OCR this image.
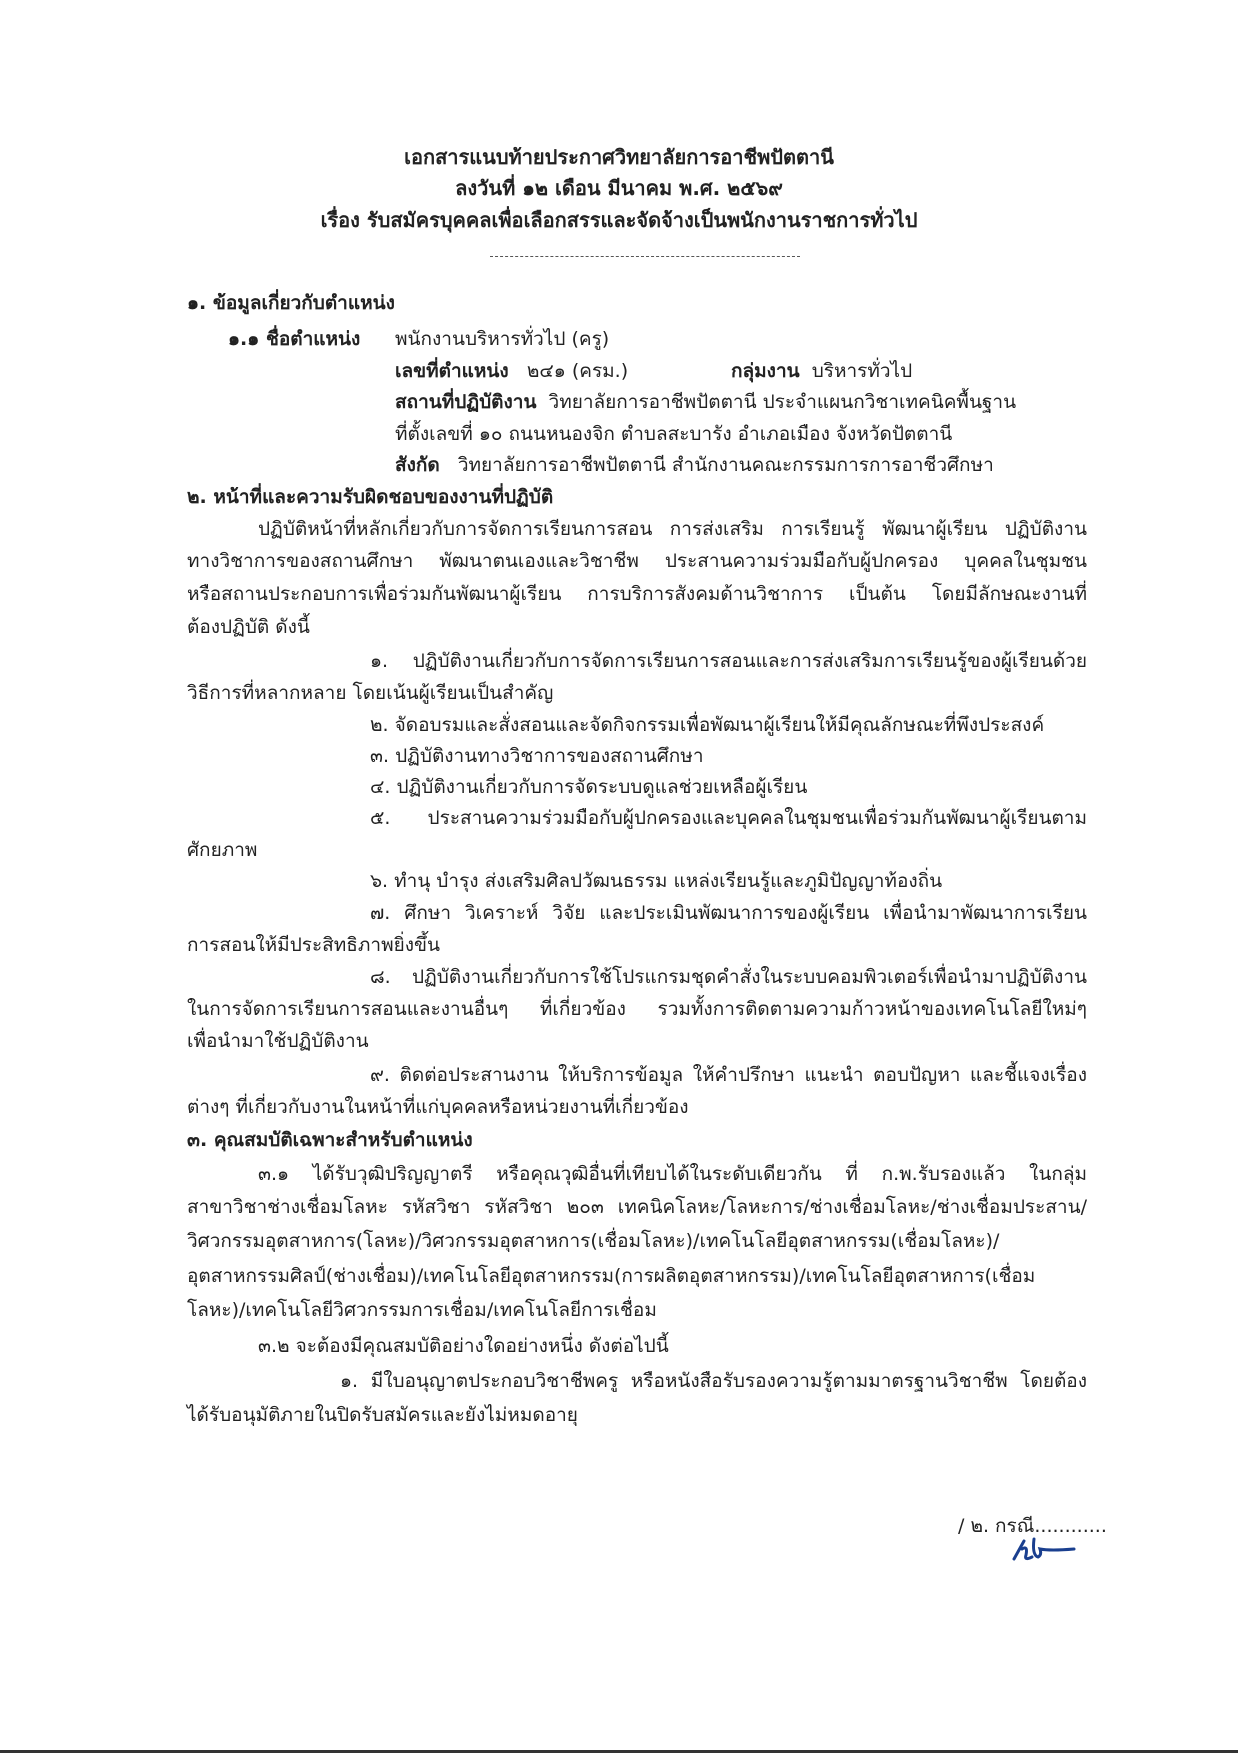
เอกสารแนบท้ายประกาศวิทยาลัยการอาชีพปัตตานี
ลงวันที่ ๑๒ เดือน มีนาคม พ.ศ. ๒๕๖๙
เรื่อง รับสมัครบุคคลเพื่อเลือกสรรและจัดจ้างเป็นพนักงานราชการทั่วไป
๑. ข้อมูลเกี่ยวกับตำแหน่ง
๑.๑ ชื่อตำแหน่ง พนักงานบริหารทั่วไป (ครู)
เลขที่ตำแหน่ง ๒๔๑ (ครม.)	กลุ่มงาน บริหารทั่วไป
สถานที่ปฏิบัติงาน วิทยาลัยการอาชีพปัตตานี ประจำแผนกวิชาเทคนิคพื้นฐาน
ที่ตั้งเลขที่ ๑๐ ถนนหนองจิก ตำบลสะบารัง อำเภอเมือง จังหวัดปัตตานี
สังกัด วิทยาลัยการอาชีพปัตตานี สำนักงานคณะกรรมการการอาชีวศึกษา
๒. หน้าที่และความรับผิดชอบของงานที่ปฏิบัติ
ปฏิบัติหน้าที่หลักเกี่ยวกับการจัดการเรียนการสอน การส่งเสริม การเรียนรู้ พัฒนาผู้เรียน ปฏิบัติงาน
ทางวิชาการของสถานศึกษา พัฒนาตนเองและวิชาชีพ ประสานความร่วมมือกับผู้ปกครอง บุคคลในชุมชน
หรือสถานประกอบการเพื่อร่วมกันพัฒนาผู้เรียน การบริการสังคมด้านวิชาการ เป็นต้น โดยมีลักษณะงานที่
ต้องปฏิบัติ ดังนี้
๑. ปฏิบัติงานเกี่ยวกับการจัดการเรียนการสอนและการส่งเสริมการเรียนรู้ของผู้เรียนด้วย
วิธีการที่หลากหลาย โดยเน้นผู้เรียนเป็นสำคัญ
๒. จัดอบรมและสั่งสอนและจัดกิจกรรมเพื่อพัฒนาผู้เรียนให้มีคุณลักษณะที่พึงประสงค์
๓. ปฏิบัติงานทางวิชาการของสถานศึกษา
๔. ปฏิบัติงานเกี่ยวกับการจัดระบบดูแลช่วยเหลือผู้เรียน
๕. ประสานความร่วมมือกับผู้ปกครองและบุคคลในชุมชนเพื่อร่วมกันพัฒนาผู้เรียนตาม
ศักยภาพ
๖. ทำนุ บำรุง ส่งเสริมศิลปวัฒนธรรม แหล่งเรียนรู้และภูมิปัญญาท้องถิ่น
๗. ศึกษา วิเคราะห์ วิจัย และประเมินพัฒนาการของผู้เรียน เพื่อนำมาพัฒนาการเรียน
การสอนให้มีประสิทธิภาพยิ่งขึ้น
๘. ปฏิบัติงานเกี่ยวกับการใช้โปรแกรมชุดคำสั่งในระบบคอมพิวเตอร์เพื่อนำมาปฏิบัติงาน
ในการจัดการเรียนการสอนและงานอื่นๆ ที่เกี่ยวข้อง รวมทั้งการติดตามความก้าวหน้าของเทคโนโลยีใหม่ๆ
เพื่อนำมาใช้ปฏิบัติงาน
๙. ติดต่อประสานงาน ให้บริการข้อมูล ให้คำปรึกษา แนะนำ ตอบปัญหา และชี้แจงเรื่อง
ต่างๆ ที่เกี่ยวกับงานในหน้าที่แก่บุคคลหรือหน่วยงานที่เกี่ยวข้อง
๓. คุณสมบัติเฉพาะสำหรับตำแหน่ง
๓.๑ ได้รับวุฒิปริญญาตรี หรือคุณวุฒิอื่นที่เทียบได้ในระดับเดียวกัน ที่ ก.พ.รับรองแล้ว ในกลุ่ม
สาขาวิชาช่างเชื่อมโลหะ รหัสวิชา รหัสวิชา ๒๐๓ เทคนิคโลหะ/โลหะการ/ช่างเชื่อมโลหะ/ช่างเชื่อมประสาน/
วิศวกรรมอุตสาหการ(โลหะ)/วิศวกรรมอุตสาหการ(เชื่อมโลหะ)/เทคโนโลยีอุตสาหกรรม(เชื่อมโลหะ)/
อุตสาหกรรมศิลป์(ช่างเชื่อม)/เทคโนโลยีอุตสาหกรรม(การผลิตอุตสาหกรรม)/เทคโนโลยีอุตสาหการ(เชื่อม
โลหะ)/เทคโนโลยีวิศวกรรมการเชื่อม/เทคโนโลยีการเชื่อม
๓.๒ จะต้องมีคุณสมบัติอย่างใดอย่างหนึ่ง ดังต่อไปนี้
๑. มีใบอนุญาตประกอบวิชาชีพครู หรือหนังสือรับรองความรู้ตามมาตรฐานวิชาชีพ โดยต้อง
ได้รับอนุมัติภายในปิดรับสมัครและยังไม่หมดอายุ
/ ๒. กรณี............
